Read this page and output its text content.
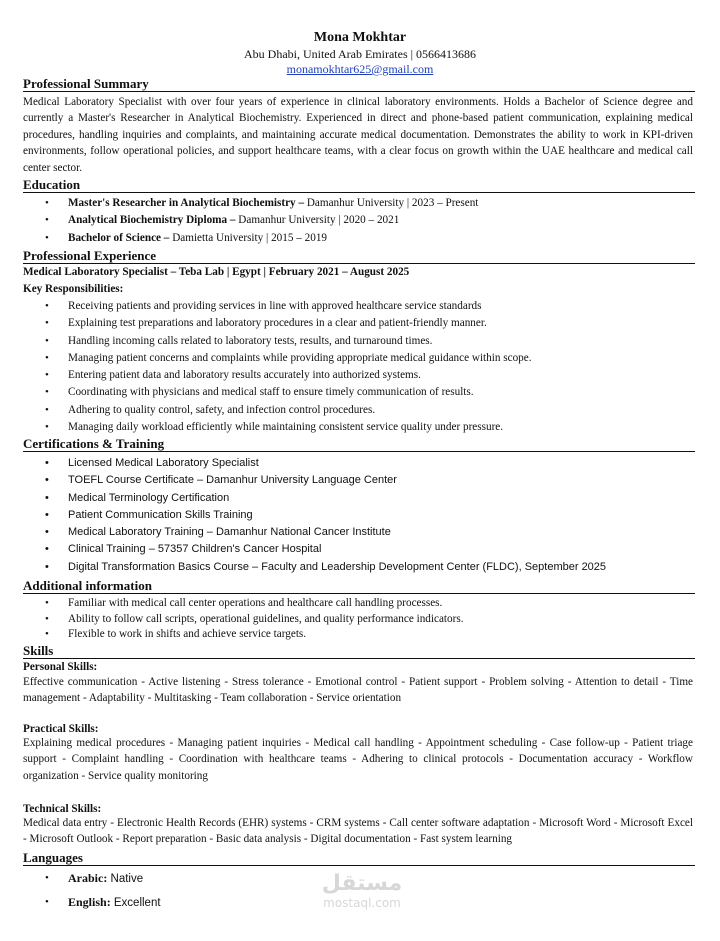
Mona Mokhtar
Abu Dhabi, United Arab Emirates | 0566413686
monamokhtar625@gmail.com
Professional Summary
Medical Laboratory Specialist with over four years of experience in clinical laboratory environments. Holds a Bachelor of Science degree and currently a Master's Researcher in Analytical Biochemistry. Experienced in direct and phone-based patient communication, explaining medical procedures, handling inquiries and complaints, and maintaining accurate medical documentation. Demonstrates the ability to work in KPI-driven environments, follow operational policies, and support healthcare teams, with a clear focus on growth within the UAE healthcare and medical call center sector.
Education
• Master's Researcher in Analytical Biochemistry – Damanhur University | 2023 – Present
• Analytical Biochemistry Diploma – Damanhur University | 2020 – 2021
• Bachelor of Science – Damietta University | 2015 – 2019
Professional Experience
Medical Laboratory Specialist – Teba Lab | Egypt | February 2021 – August 2025
Key Responsibilities:
• Receiving patients and providing services in line with approved healthcare service standards
• Explaining test preparations and laboratory procedures in a clear and patient-friendly manner.
• Handling incoming calls related to laboratory tests, results, and turnaround times.
• Managing patient concerns and complaints while providing appropriate medical guidance within scope.
• Entering patient data and laboratory results accurately into authorized systems.
• Coordinating with physicians and medical staff to ensure timely communication of results.
• Adhering to quality control, safety, and infection control procedures.
• Managing daily workload efficiently while maintaining consistent service quality under pressure.
Certifications & Training
• Licensed Medical Laboratory Specialist
• TOEFL Course Certificate – Damanhur University Language Center
• Medical Terminology Certification
• Patient Communication Skills Training
• Medical Laboratory Training – Damanhur National Cancer Institute
• Clinical Training – 57357 Children's Cancer Hospital
• Digital Transformation Basics Course – Faculty and Leadership Development Center (FLDC), September 2025
Additional information
• Familiar with medical call center operations and healthcare call handling processes.
• Ability to follow call scripts, operational guidelines, and quality performance indicators.
• Flexible to work in shifts and achieve service targets.
Skills
Personal Skills:
Effective communication - Active listening - Stress tolerance - Emotional control - Patient support - Problem solving - Attention to detail - Time management - Adaptability - Multitasking - Team collaboration - Service orientation
Practical Skills:
Explaining medical procedures - Managing patient inquiries - Medical call handling - Appointment scheduling - Case follow-up - Patient triage support - Complaint handling - Coordination with healthcare teams - Adhering to clinical protocols - Documentation accuracy - Workflow organization - Service quality monitoring
Technical Skills:
Medical data entry - Electronic Health Records (EHR) systems - CRM systems - Call center software adaptation - Microsoft Word - Microsoft Excel - Microsoft Outlook - Report preparation - Basic data analysis - Digital documentation - Fast system learning
Languages
• Arabic: Native
• English: Excellent
مستقل
mostaql.com
